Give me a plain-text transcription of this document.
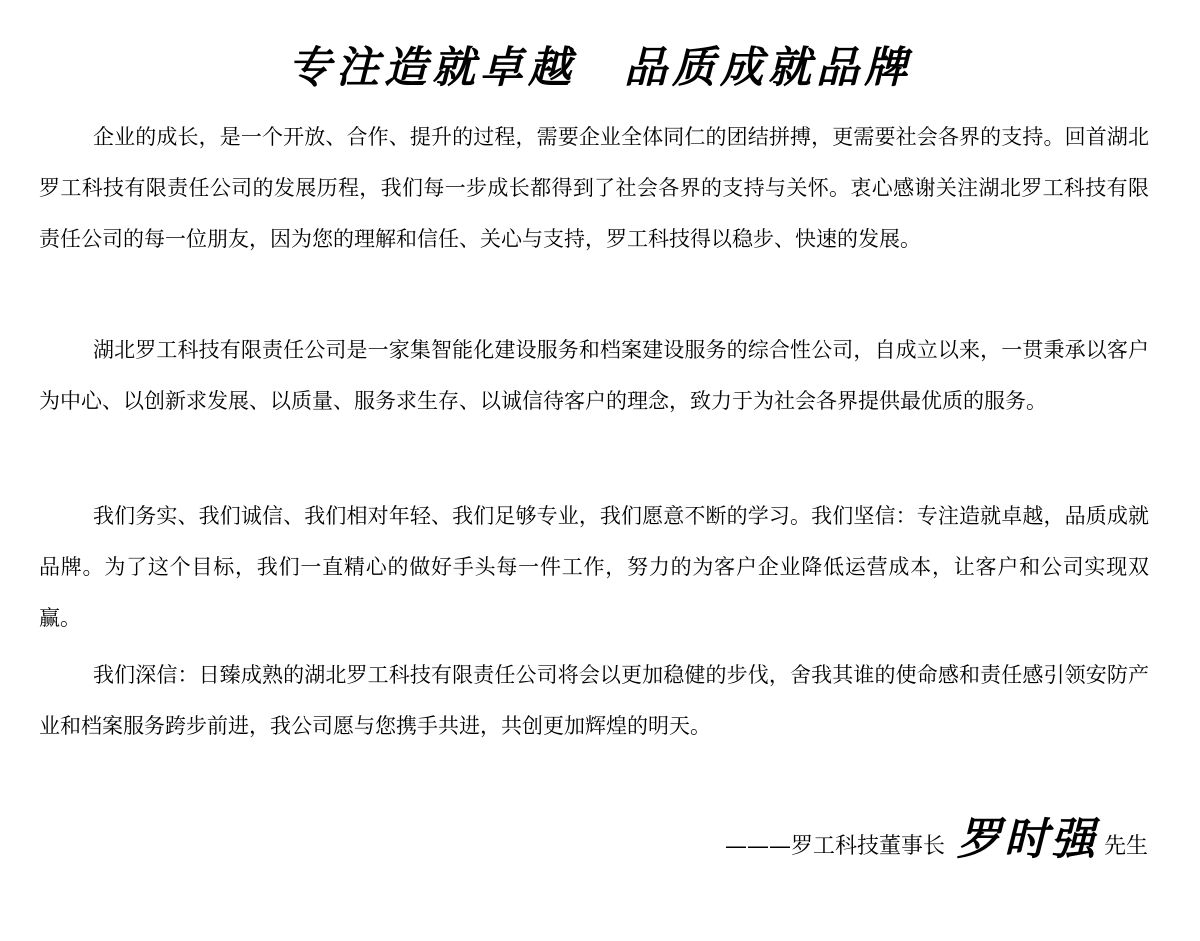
专注造就卓越　品质成就品牌

企业的成长，是一个开放、合作、提升的过程，需要企业全体同仁的团结拼搏，更需要社会各界的支持。回首湖北罗工科技有限责任公司的发展历程，我们每一步成长都得到了社会各界的支持与关怀。衷心感谢关注湖北罗工科技有限责任公司的每一位朋友，因为您的理解和信任、关心与支持，罗工科技得以稳步、快速的发展。

湖北罗工科技有限责任公司是一家集智能化建设服务和档案建设服务的综合性公司，自成立以来，一贯秉承以客户为中心、以创新求发展、以质量、服务求生存、以诚信待客户的理念，致力于为社会各界提供最优质的服务。

我们务实、我们诚信、我们相对年轻、我们足够专业，我们愿意不断的学习。我们坚信：专注造就卓越，品质成就品牌。为了这个目标，我们一直精心的做好手头每一件工作，努力的为客户企业降低运营成本，让客户和公司实现双赢。

我们深信：日臻成熟的湖北罗工科技有限责任公司将会以更加稳健的步伐，舍我其谁的使命感和责任感引领安防产业和档案服务跨步前进，我公司愿与您携手共进，共创更加辉煌的明天。

———罗工科技董事长 罗时强 先生
